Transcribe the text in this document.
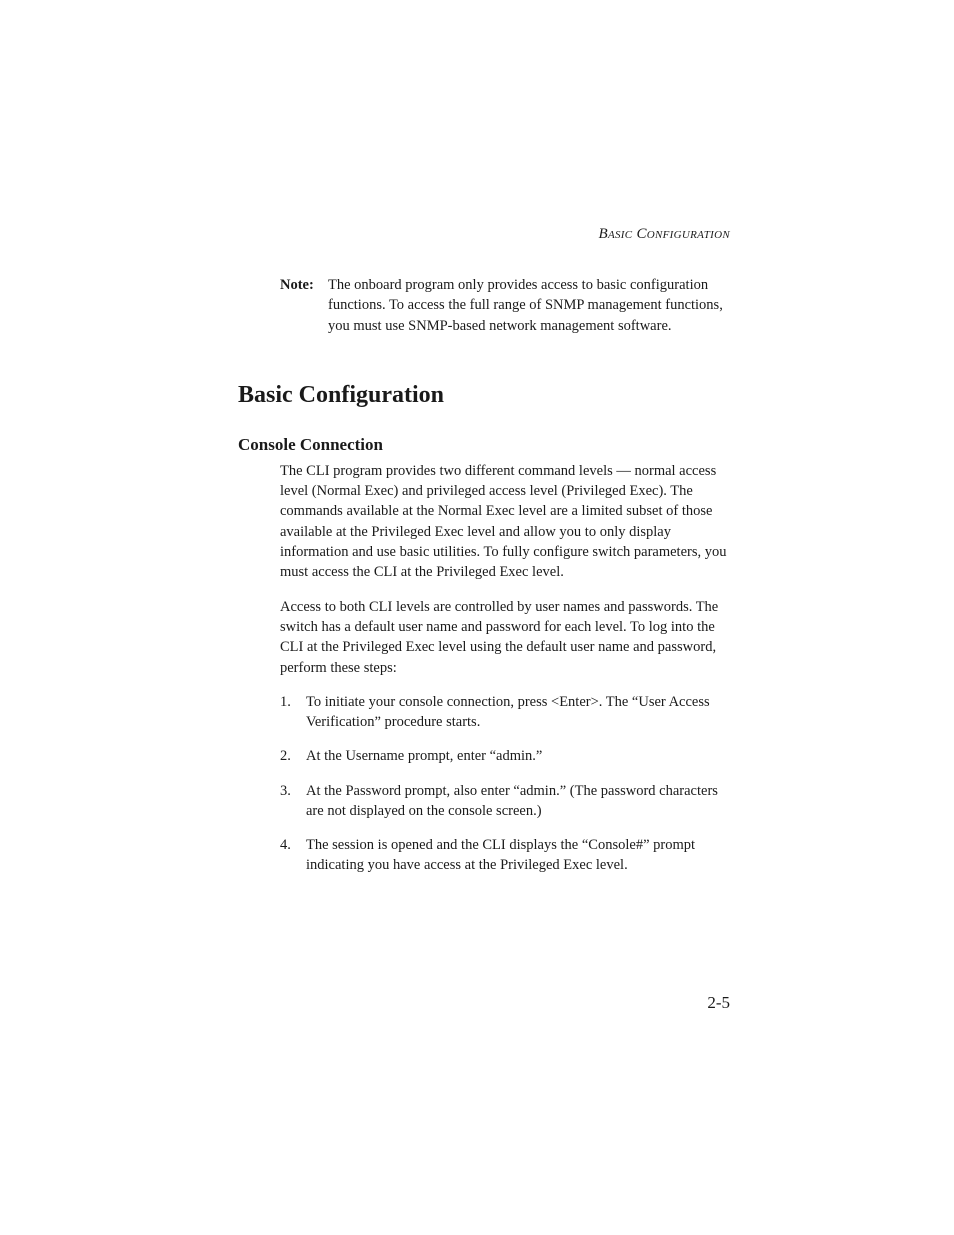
Basic Configuration
Note: The onboard program only provides access to basic configuration functions. To access the full range of SNMP management functions, you must use SNMP-based network management software.
Basic Configuration
Console Connection

The CLI program provides two different command levels — normal access level (Normal Exec) and privileged access level (Privileged Exec). The commands available at the Normal Exec level are a limited subset of those available at the Privileged Exec level and allow you to only display information and use basic utilities. To fully configure switch parameters, you must access the CLI at the Privileged Exec level.

Access to both CLI levels are controlled by user names and passwords. The switch has a default user name and password for each level. To log into the CLI at the Privileged Exec level using the default user name and password, perform these steps:

1. To initiate your console connection, press <Enter>. The “User Access Verification” procedure starts.
2. At the Username prompt, enter “admin.”
3. At the Password prompt, also enter “admin.” (The password characters are not displayed on the console screen.)
4. The session is opened and the CLI displays the “Console#” prompt indicating you have access at the Privileged Exec level.
2-5
